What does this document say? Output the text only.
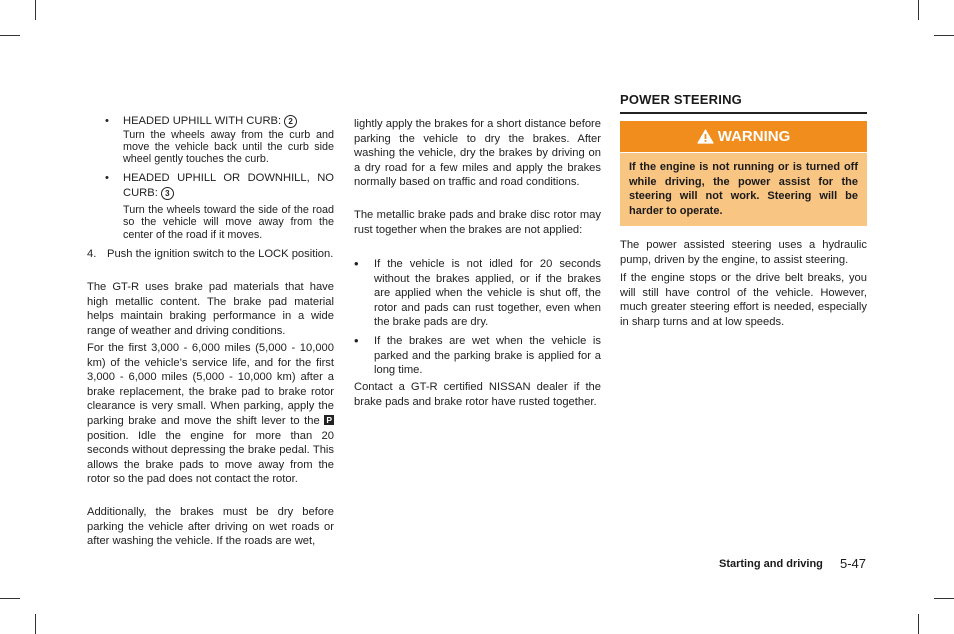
• HEADED UPHILL WITH CURB: 2

Turn the wheels away from the curb and move the vehicle back until the curb side wheel gently touches the curb.

• HEADED UPHILL OR DOWNHILL, NO CURB: 3

Turn the wheels toward the side of the road so the vehicle will move away from the center of the road if it moves.

4. Push the ignition switch to the LOCK position.

The GT-R uses brake pad materials that have high metallic content. The brake pad material helps maintain braking performance in a wide range of weather and driving conditions.

For the first 3,000 - 6,000 miles (5,000 - 10,000 km) of the vehicle’s service life, and for the first 3,000 - 6,000 miles (5,000 - 10,000 km) after a brake replacement, the brake pad to brake rotor clearance is very small. When parking, apply the parking brake and move the shift lever to the P position. Idle the engine for more than 20 seconds without depressing the brake pedal. This allows the brake pads to move away from the rotor so the pad does not contact the rotor.

Additionally, the brakes must be dry before parking the vehicle after driving on wet roads or after washing the vehicle. If the roads are wet,

lightly apply the brakes for a short distance before parking the vehicle to dry the brakes. After washing the vehicle, dry the brakes by driving on a dry road for a few miles and apply the brakes normally based on traffic and road conditions.

The metallic brake pads and brake disc rotor may rust together when the brakes are not applied:

• If the vehicle is not idled for 20 seconds without the brakes applied, or if the brakes are applied when the vehicle is shut off, the rotor and pads can rust together, even when the brake pads are dry.

• If the brakes are wet when the vehicle is parked and the parking brake is applied for a long time.

Contact a GT-R certified NISSAN dealer if the brake pads and brake rotor have rusted together.

POWER STEERING
WARNING
If the engine is not running or is turned off while driving, the power assist for the steering will not work. Steering will be harder to operate.

The power assisted steering uses a hydraulic pump, driven by the engine, to assist steering.

If the engine stops or the drive belt breaks, you will still have control of the vehicle. However, much greater steering effort is needed, especially in sharp turns and at low speeds.

Starting and driving 5-47
